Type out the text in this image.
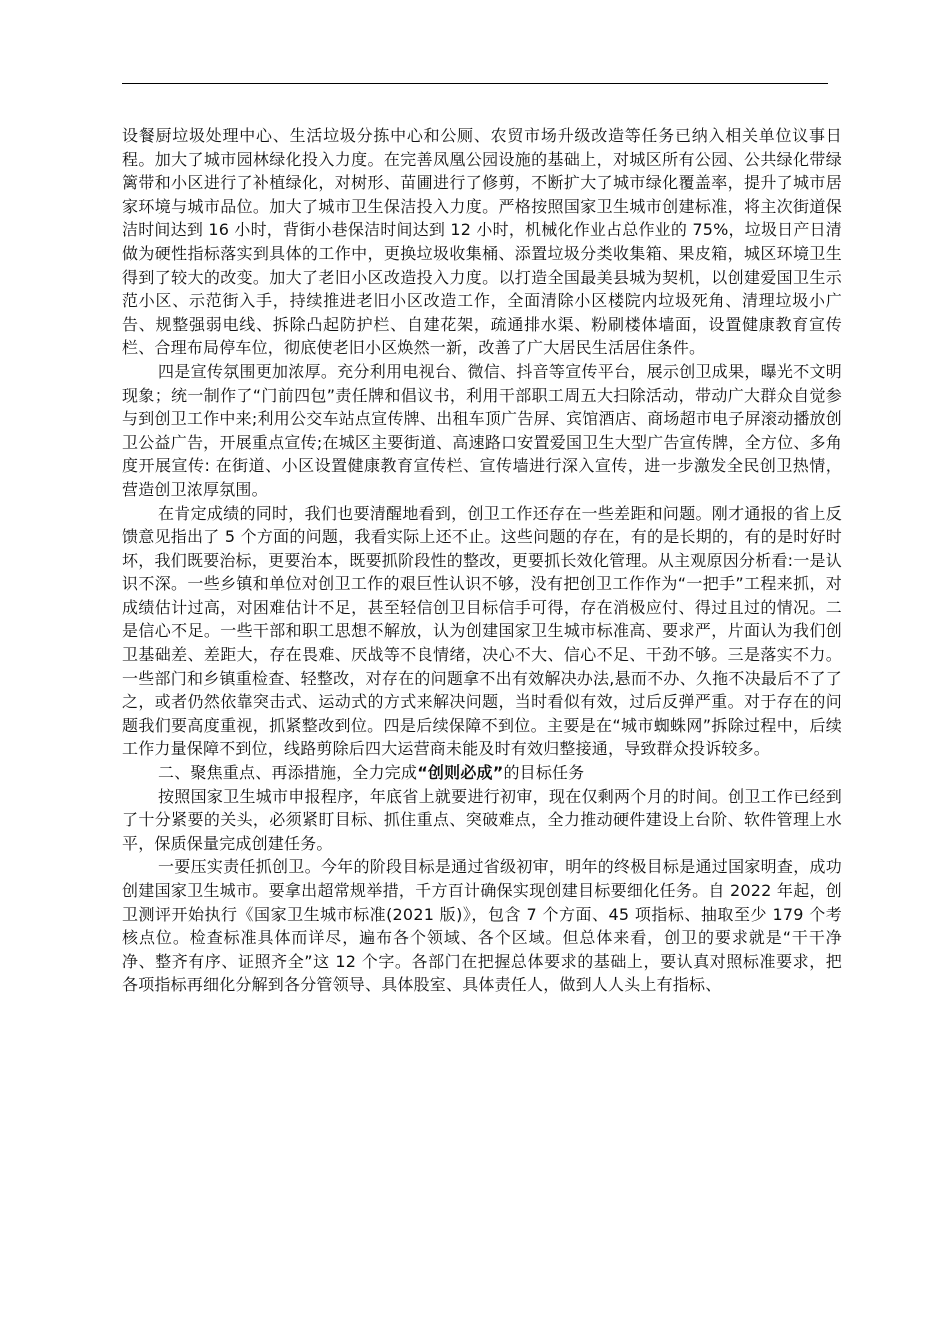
设餐厨垃圾处理中心、生活垃圾分拣中心和公厕、农贸市场升级改造等任务已纳入相关单位议事日程。加大了城市园林绿化投入力度。在完善凤凰公园设施的基础上，对城区所有公园、公共绿化带绿篱带和小区进行了补植绿化，对树形、苗圃进行了修剪，不断扩大了城市绿化覆盖率，提升了城市居家环境与城市品位。加大了城市卫生保洁投入力度。严格按照国家卫生城市创建标准，将主次街道保洁时间达到 16 小时，背街小巷保洁时间达到 12 小时，机械化作业占总作业的 75%，垃圾日产日清做为硬性指标落实到具体的工作中，更换垃圾收集桶、添置垃圾分类收集箱、果皮箱，城区环境卫生得到了较大的改变。加大了老旧小区改造投入力度。以打造全国最美县城为契机，以创建爱国卫生示范小区、示范街入手，持续推进老旧小区改造工作，全面清除小区楼院内垃圾死角、清理垃圾小广告、规整强弱电线、拆除凸起防护栏、自建花架，疏通排水渠、粉刷楼体墙面，设置健康教育宣传栏、合理布局停车位，彻底使老旧小区焕然一新，改善了广大居民生活居住条件。

四是宣传氛围更加浓厚。充分利用电视台、微信、抖音等宣传平台，展示创卫成果，曝光不文明现象；统一制作了“门前四包”责任牌和倡议书，利用干部职工周五大扫除活动，带动广大群众自觉参与到创卫工作中来;利用公交车站点宣传牌、出租车顶广告屏、宾馆酒店、商场超市电子屏滚动播放创卫公益广告，开展重点宣传;在城区主要街道、高速路口安置爱国卫生大型广告宣传牌，全方位、多角度开展宣传: 在街道、小区设置健康教育宣传栏、宣传墙进行深入宣传，进一步激发全民创卫热情，营造创卫浓厚氛围。

在肯定成绩的同时，我们也要清醒地看到，创卫工作还存在一些差距和问题。刚才通报的省上反馈意见指出了 5 个方面的问题，我看实际上还不止。这些问题的存在，有的是长期的，有的是时好时坏，我们既要治标，更要治本，既要抓阶段性的整改，更要抓长效化管理。从主观原因分析看:一是认识不深。一些乡镇和单位对创卫工作的艰巨性认识不够，没有把创卫工作作为“一把手”工程来抓，对成绩估计过高，对困难估计不足，甚至轻信创卫目标信手可得，存在消极应付、得过且过的情况。二是信心不足。一些干部和职工思想不解放，认为创建国家卫生城市标准高、要求严，片面认为我们创卫基础差、差距大，存在畏难、厌战等不良情绪，决心不大、信心不足、干劲不够。三是落实不力。一些部门和乡镇重检查、轻整改，对存在的问题拿不出有效解决办法,悬而不办、久拖不决最后不了了之，或者仍然依靠突击式、运动式的方式来解决问题，当时看似有效，过后反弹严重。对于存在的问题我们要高度重视，抓紧整改到位。四是后续保障不到位。主要是在“城市蜘蛛网”拆除过程中，后续工作力量保障不到位，线路剪除后四大运营商未能及时有效归整接通，导致群众投诉较多。

二、聚焦重点、再添措施，全力完成“创则必成”的目标任务

按照国家卫生城市申报程序，年底省上就要进行初审，现在仅剩两个月的时间。创卫工作已经到了十分紧要的关头，必须紧盯目标、抓住重点、突破难点，全力推动硬件建设上台阶、软件管理上水平，保质保量完成创建任务。

一要压实责任抓创卫。今年的阶段目标是通过省级初审，明年的终极目标是通过国家明查，成功创建国家卫生城市。要拿出超常规举措，千方百计确保实现创建目标要细化任务。自 2022 年起，创卫测评开始执行《国家卫生城市标准(2021 版)》，包含 7 个方面、45 项指标、抽取至少 179 个考核点位。检查标准具体而详尽，遍布各个领域、各个区域。但总体来看，创卫的要求就是“干干净净、整齐有序、证照齐全”这 12 个字。各部门在把握总体要求的基础上，要认真对照标准要求，把各项指标再细化分解到各分管领导、具体股室、具体责任人，做到人人头上有指标、
